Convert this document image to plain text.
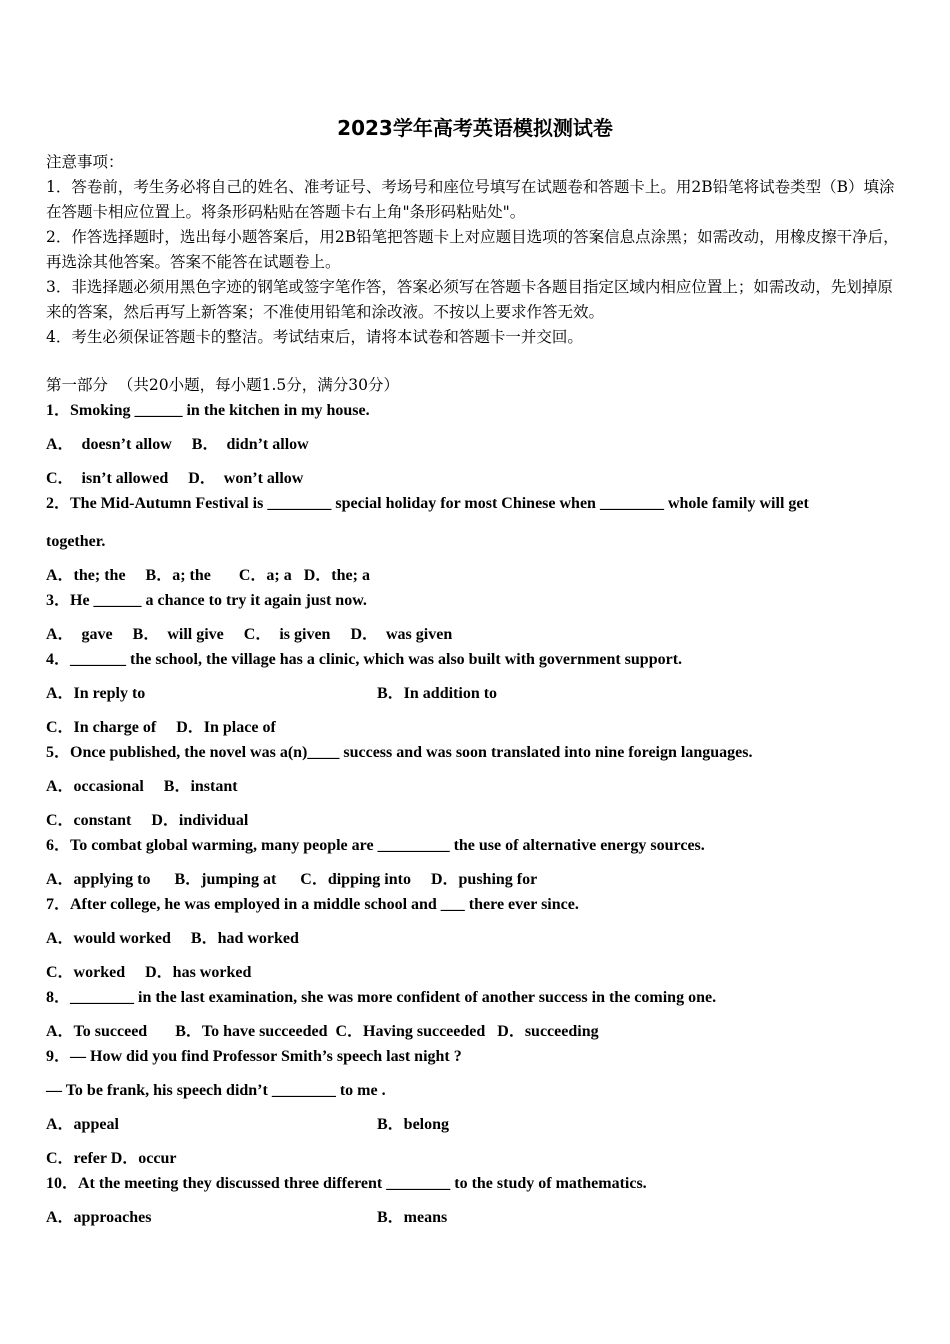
2023学年高考英语模拟测试卷
注意事项：
1．答卷前，考生务必将自己的姓名、准考证号、考场号和座位号填写在试题卷和答题卡上。用2B铅笔将试卷类型（B）填涂在答题卡相应位置上。将条形码粘贴在答题卡右上角"条形码粘贴处"。
2．作答选择题时，选出每小题答案后，用2B铅笔把答题卡上对应题目选项的答案信息点涂黑；如需改动，用橡皮擦干净后，再选涂其他答案。答案不能答在试题卷上。
3．非选择题必须用黑色字迹的钢笔或签字笔作答，答案必须写在答题卡各题目指定区域内相应位置上；如需改动，先划掉原来的答案，然后再写上新答案；不准使用铅笔和涂改液。不按以上要求作答无效。
4．考生必须保证答题卡的整洁。考试结束后，请将本试卷和答题卡一并交回。
第一部分  （共20小题，每小题1.5分，满分30分）
1．Smoking ______ in the kitchen in my house.
A．  doesn’t allow     B．  didn’t allow
C．  isn’t allowed     D．  won’t allow
2．The Mid-Autumn Festival is ________ special holiday for most Chinese when ________ whole family will get
together.
A．the; the     B．a; the       C．a; a   D．the; a
3．He ______ a chance to try it again just now.
A．  gave     B．  will give     C．  is given     D．  was given
4．_______ the school, the village has a clinic, which was also built with government support.
A．In reply to	B．In addition to
C．In charge of     D．In place of
5．Once published, the novel was a(n)____ success and was soon translated into nine foreign languages.
A．occasional     B．instant
C．constant     D．individual
6．To combat global warming, many people are _________ the use of alternative energy sources.
A．applying to      B．jumping at      C．dipping into     D．pushing for
7．After college, he was employed in a middle school and ___ there ever since.
A．would worked     B．had worked
C．worked     D．has worked
8．________ in the last examination, she was more confident of another success in the coming one.
A．To succeed       B．To have succeeded  C．Having succeeded   D．succeeding
9．— How did you find Professor Smith’s speech last night ?
— To be frank, his speech didn’t ________ to me .
A．appeal	B．belong
C．refer D．occur
10．At the meeting they discussed three different ________ to the study of mathematics.
A．approaches	B．means
